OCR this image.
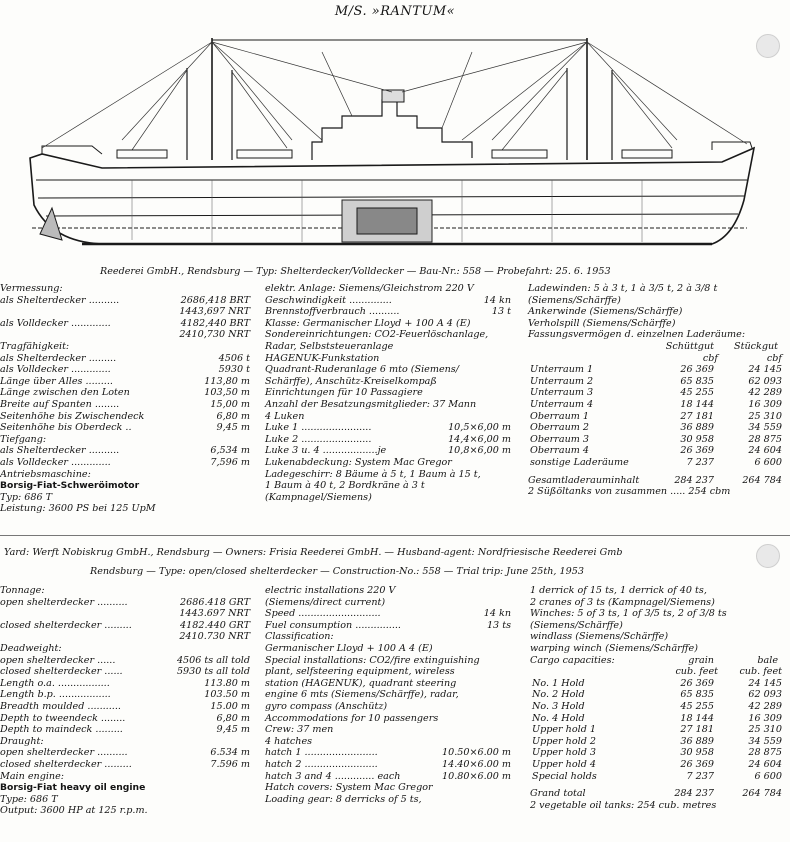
M/S. »RANTUM«
Reederei GmbH., Rendsburg — Typ: Shelterdecker/Volldecker — Bau-Nr.: 558 — Probefahrt: 25. 6. 1953
Vermessung:
als Shelterdecker ..........	2686,418 BRT
1443,697 NRT
als Volldecker .............	4182,440 BRT
2410,730 NRT
Tragfähigkeit:
als Shelterdecker .........	4506 t
als Volldecker .............	5930 t
Länge über Alles .........	113,80 m
Länge zwischen den Loten	103,50 m
Breite auf Spanten ........	15,00 m
Seitenhöhe bis Zwischendeck	6,80 m
Seitenhöhe bis Oberdeck ..	9,45 m
Tiefgang:
als Shelterdecker ..........	6,534 m
als Volldecker .............	7,596 m
Antriebsmaschine:
Borsig-Fiat-Schweröimotor
Typ: 686 T
Leistung: 3600 PS bei 125 UpM
elektr. Anlage: Siemens/Gleichstrom 220 V
Geschwindigkeit ..............	14 kn
Brennstoffverbrauch ..........	13 t
Klasse: Germanischer Lloyd + 100 A 4 (E)
Sondereinrichtungen: CO2-Feuerlöschanlage,
Radar, Selbststeueranlage
HAGENUK-Funkstation
Quadrant-Ruderanlage 6 mto (Siemens/
Schärffe), Anschütz-Kreiselkompaß
Einrichtungen für 10 Passagiere
Anzahl der Besatzungsmitglieder: 37 Mann
4 Luken
Luke 1 .......................	10,5×6,00 m
Luke 2 .......................	14,4×6,00 m
Luke 3 u. 4 ..................je	10,8×6,00 m
Lukenabdeckung: System Mac Gregor
Ladegeschirr: 8 Bäume à 5 t, 1 Baum à 15 t,
1 Baum à 40 t, 2 Bordkräne à 3 t
(Kampnagel/Siemens)
Ladewinden: 5 à 3 t, 1 à 3/5 t, 2 à 3/8 t
(Siemens/Schärffe)
Ankerwinde (Siemens/Schärffe)
Verholspill (Siemens/Schärffe)
Fassungsvermögen d. einzelnen Laderäume:
Schüttgut Stückgut
cbf	cbf
Unterraum 1	26 369	24 145
Unterraum 2	65 835	62 093
Unterraum 3	45 255	42 289
Unterraum 4	18 144	16 309
Oberraum 1	27 181	25 310
Oberraum 2	36 889	34 559
Oberraum 3	30 958	28 875
Oberraum 4	26 369	24 604
sonstige Laderäume	7 237	6 600
Gesamtladerauminhalt	284 237	264 784
2 Süßöltanks von zusammen ..... 254 cbm
Yard: Werft Nobiskrug GmbH., Rendsburg — Owners: Frisia Reederei GmbH. — Husband-agent: Nordfriesische Reederei Gmb
Rendsburg — Type: open/closed shelterdecker — Construction-No.: 558 — Trial trip: June 25th, 1953
Tonnage:
open shelterdecker ..........	2686.418 GRT
1443.697 NRT
closed shelterdecker .........	4182.440 GRT
2410.730 NRT
Deadweight:
open shelterdecker ......	4506 ts all told
closed shelterdecker ......	5930 ts all told
Length o.a. .................	113.80 m
Length b.p. .................	103.50 m
Breadth moulded ...........	15.00 m
Depth to tweendeck ........	6,80 m
Depth to maindeck .........	9,45 m
Draught:
open shelterdecker ..........	6.534 m
closed shelterdecker .........	7.596 m
Main engine:
Borsig-Fiat heavy oil engine
Type: 686 T
Output: 3600 HP at 125 r.p.m.
electric installations 220 V
(Siemens/direct current)
Speed ...........................	14 kn
Fuel consumption ...............	13 ts
Classification:
Germanischer Lloyd + 100 A 4 (E)
Special installations: CO2/fire extinguishing
plant, selfsteering equipment, wireless
station (HAGENUK), quadrant steering
engine 6 mts (Siemens/Schärffe), radar,
gyro compass (Anschütz)
Accommodations for 10 passengers
Crew: 37 men
4 hatches
hatch 1 ........................	10.50×6.00 m
hatch 2 ........................	14.40×6.00 m
hatch 3 and 4 ............. each	10.80×6.00 m
Hatch covers: System Mac Gregor
Loading gear: 8 derricks of 5 ts,
1 derrick of 15 ts, 1 derrick of 40 ts,
2 cranes of 3 ts (Kampnagel/Siemens)
Winches: 5 of 3 ts, 1 of 3/5 ts, 2 of 3/8 ts
(Siemens/Schärffe)
windlass (Siemens/Schärffe)
warping winch (Siemens/Schärffe)
Cargo capacities:	grain	bale
cub. feet cub. feet
No. 1 Hold	26 369	24 145
No. 2 Hold	65 835	62 093
No. 3 Hold	45 255	42 289
No. 4 Hold	18 144	16 309
Upper hold 1	27 181	25 310
Upper hold 2	36 889	34 559
Upper hold 3	30 958	28 875
Upper hold 4	26 369	24 604
Special holds	7 237	6 600
Grand total	284 237	264 784
2 vegetable oil tanks: 254 cub. metres
